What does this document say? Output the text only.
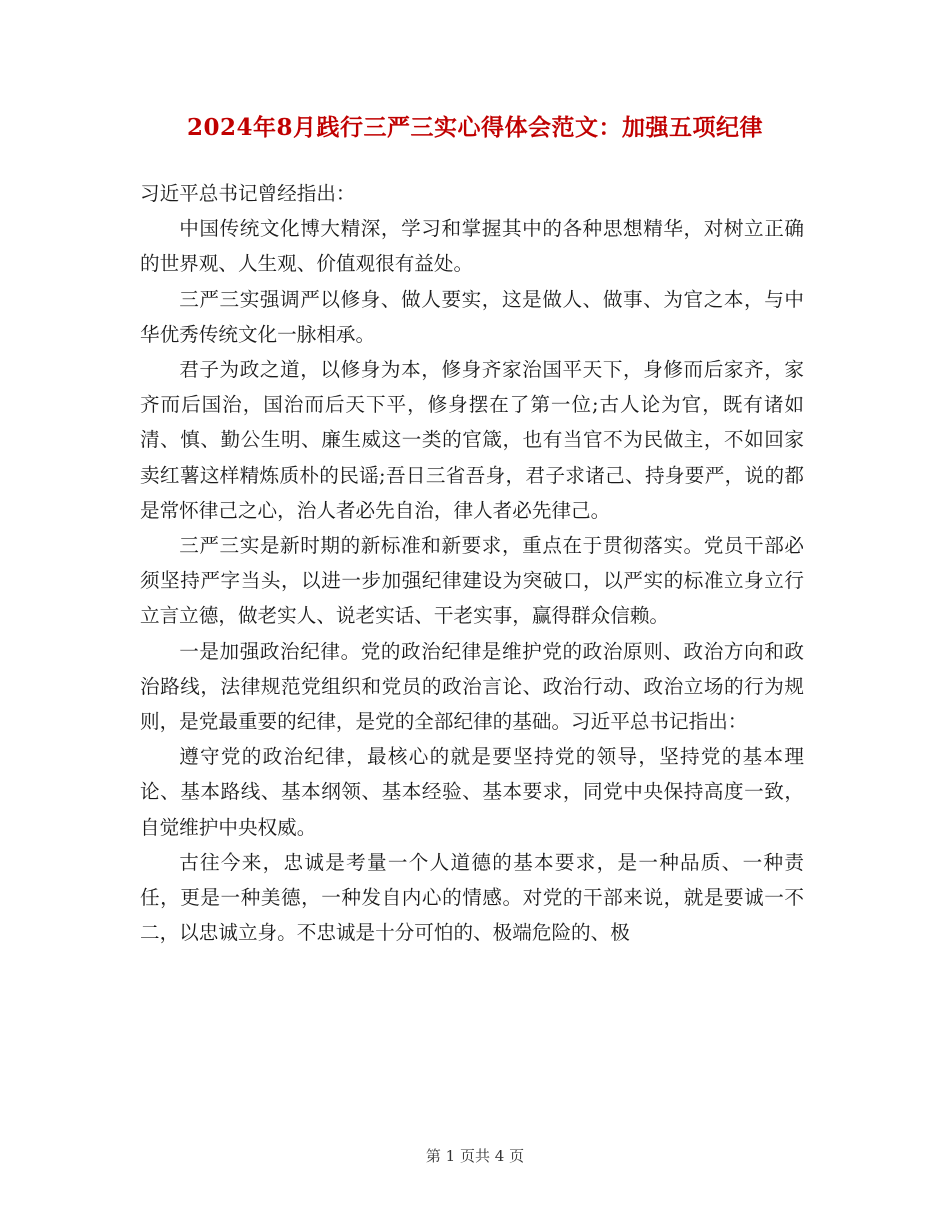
2024年8月践行三严三实心得体会范文：加强五项纪律

习近平总书记曾经指出：

中国传统文化博大精深，学习和掌握其中的各种思想精华，对树立正确的世界观、人生观、价值观很有益处。

三严三实强调严以修身、做人要实，这是做人、做事、为官之本，与中华优秀传统文化一脉相承。

君子为政之道，以修身为本，修身齐家治国平天下，身修而后家齐，家齐而后国治，国治而后天下平，修身摆在了第一位;古人论为官，既有诸如清、慎、勤公生明、廉生威这一类的官箴，也有当官不为民做主，不如回家卖红薯这样精炼质朴的民谣;吾日三省吾身，君子求诸己、持身要严，说的都是常怀律己之心，治人者必先自治，律人者必先律己。

三严三实是新时期的新标准和新要求，重点在于贯彻落实。党员干部必须坚持严字当头，以进一步加强纪律建设为突破口，以严实的标准立身立行立言立德，做老实人、说老实话、干老实事，赢得群众信赖。

一是加强政治纪律。党的政治纪律是维护党的政治原则、政治方向和政治路线，法律规范党组织和党员的政治言论、政治行动、政治立场的行为规则，是党最重要的纪律，是党的全部纪律的基础。习近平总书记指出：

遵守党的政治纪律，最核心的就是要坚持党的领导，坚持党的基本理论、基本路线、基本纲领、基本经验、基本要求，同党中央保持高度一致，自觉维护中央权威。

古往今来，忠诚是考量一个人道德的基本要求，是一种品质、一种责任，更是一种美德，一种发自内心的情感。对党的干部来说，就是要诚一不二，以忠诚立身。不忠诚是十分可怕的、极端危险的、极

第 1 页共 4 页
